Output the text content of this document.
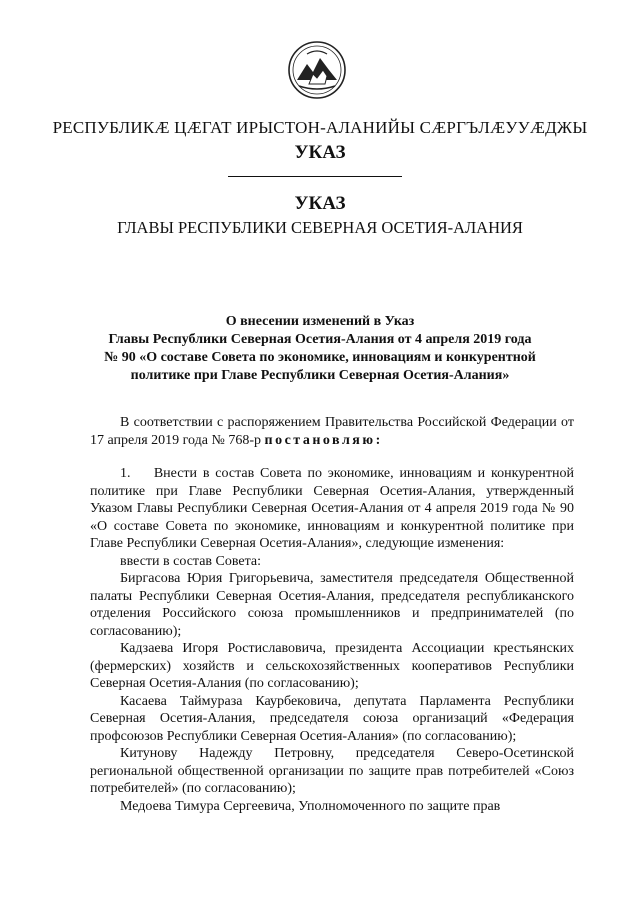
РЕСПУБЛИКӔ ЦӔГАТ ИРЫСТОН-АЛАНИЙЫ СӔРГЪЛӔУУӔДЖЫ
УКАЗ
УКАЗ
ГЛАВЫ РЕСПУБЛИКИ СЕВЕРНАЯ ОСЕТИЯ-АЛАНИЯ
О внесении изменений в Указ
Главы Республики Северная Осетия-Алания от 4 апреля 2019 года
№ 90 «О составе Совета по экономике, инновациям и конкурентной
политике при Главе Республики Северная Осетия-Алания»

В соответствии с распоряжением Правительства Российской Федерации от 17 апреля 2019 года № 768-р постановляю:

1.    Внести в состав Совета по экономике, инновациям и конкурентной политике при Главе Республики Северная Осетия-Алания, утвержденный Указом Главы Республики Северная Осетия-Алания от 4 апреля 2019 года № 90 «О составе Совета по экономике, инновациям и конкурентной политике при Главе Республики Северная Осетия-Алания», следующие изменения:

ввести в состав Совета:

Биргасова Юрия Григорьевича, заместителя председателя Общественной палаты Республики Северная Осетия-Алания, председателя республиканского отделения Российского союза промышленников и предпринимателей (по согласованию);

Кадзаева Игоря Ростиславовича, президента Ассоциации крестьянских (фермерских) хозяйств и сельскохозяйственных кооперативов Республики Северная Осетия-Алания (по согласованию);

Касаева Таймураза Каурбековича, депутата Парламента Республики Северная Осетия-Алания, председателя союза организаций «Федерация профсоюзов Республики Северная Осетия-Алания» (по согласованию);

Китунову Надежду Петровну, председателя Северо-Осетинской региональной общественной организации по защите прав потребителей «Союз потребителей» (по согласованию);

Медоева Тимура Сергеевича, Уполномоченного по защите прав
